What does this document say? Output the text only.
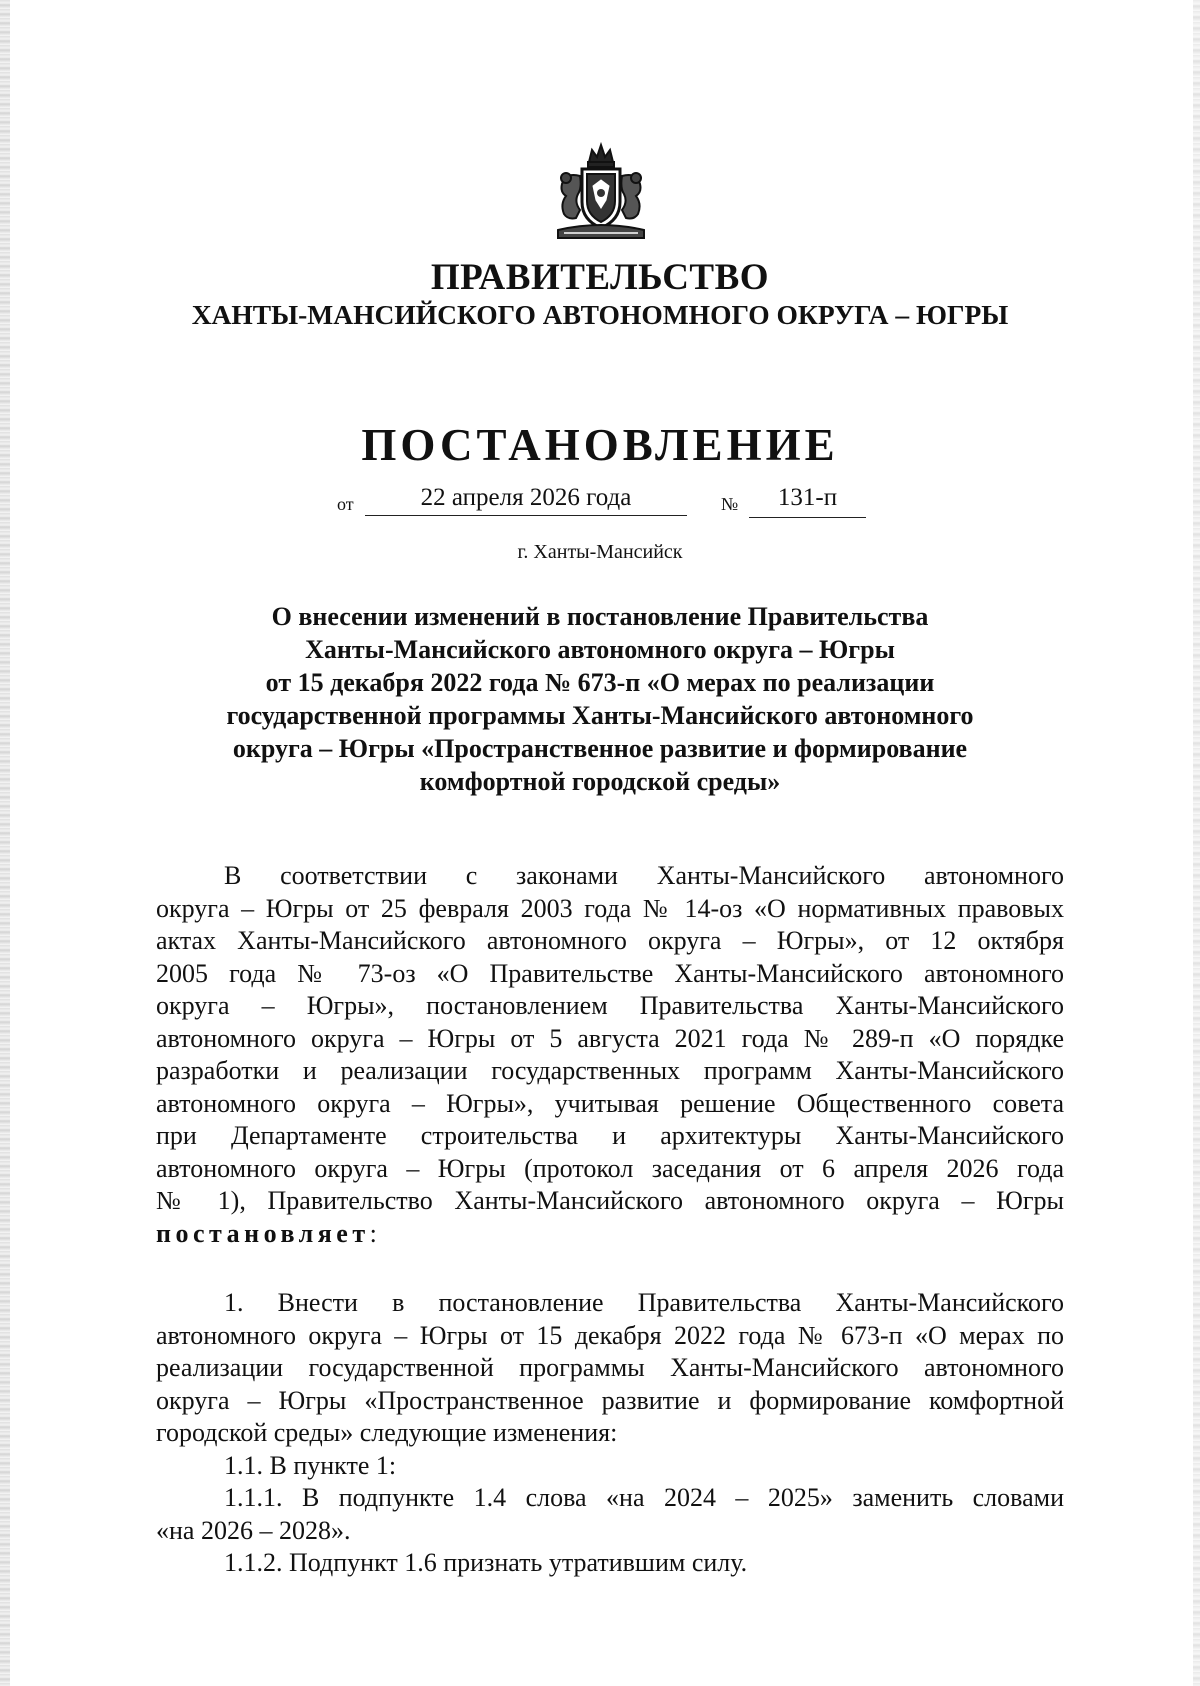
ПРАВИТЕЛЬСТВО
ХАНТЫ-МАНСИЙСКОГО АВТОНОМНОГО ОКРУГА – ЮГРЫ
ПОСТАНОВЛЕНИЕ
от	22 апреля 2026 года	№	131-п
г. Ханты-Мансийск
О внесении изменений в постановление Правительства
Ханты-Мансийского автономного округа – Югры
от 15 декабря 2022 года № 673-п «О мерах по реализации
государственной программы Ханты-Мансийского автономного
округа – Югры «Пространственное развитие и формирование
комфортной городской среды»
В соответствии с законами Ханты-Мансийского автономного
округа – Югры от 25 февраля 2003 года № 14-оз «О нормативных правовых
актах Ханты-Мансийского автономного округа – Югры», от 12 октября
2005 года № 73-оз «О Правительстве Ханты-Мансийского автономного
округа – Югры», постановлением Правительства Ханты-Мансийского
автономного округа – Югры от 5 августа 2021 года № 289-п «О порядке
разработки и реализации государственных программ Ханты-Мансийского
автономного округа – Югры», учитывая решение Общественного совета
при Департаменте строительства и архитектуры Ханты-Мансийского
автономного округа – Югры (протокол заседания от 6 апреля 2026 года
№ 1), Правительство Ханты-Мансийского автономного округа – Югры
постановляет:
1. Внести в постановление Правительства Ханты-Мансийского
автономного округа – Югры от 15 декабря 2022 года № 673-п «О мерах по
реализации государственной программы Ханты-Мансийского автономного
округа – Югры «Пространственное развитие и формирование комфортной
городской среды» следующие изменения:
1.1. В пункте 1:
1.1.1. В подпункте 1.4 слова «на 2024 – 2025» заменить словами
«на 2026 – 2028».
1.1.2. Подпункт 1.6 признать утратившим силу.
